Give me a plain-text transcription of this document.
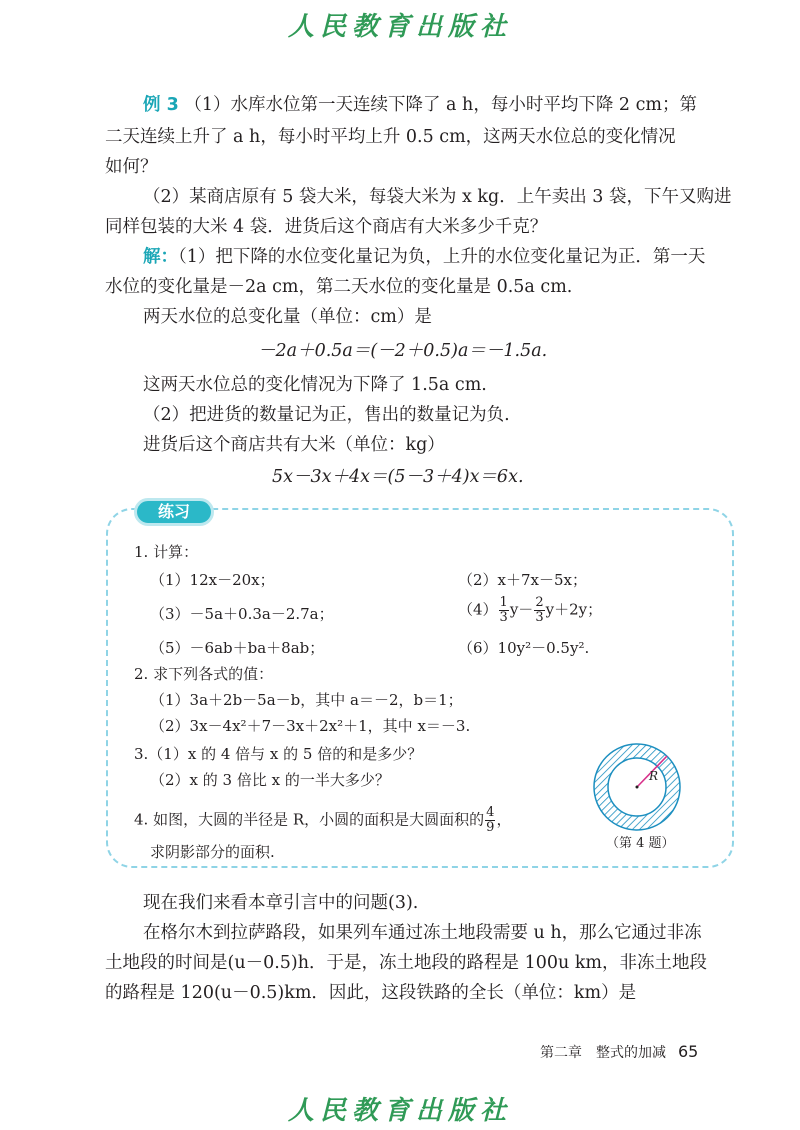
人民教育出版社
例 3 （1）水库水位第一天连续下降了 a h，每小时平均下降 2 cm；第
二天连续上升了 a h，每小时平均上升 0.5 cm，这两天水位总的变化情况
如何？
（2）某商店原有 5 袋大米，每袋大米为 x kg．上午卖出 3 袋，下午又购进
同样包装的大米 4 袋．进货后这个商店有大米多少千克？
解：（1）把下降的水位变化量记为负，上升的水位变化量记为正．第一天
水位的变化量是－2a cm，第二天水位的变化量是 0.5a cm.
两天水位的总变化量（单位：cm）是
－2a＋0.5a＝(－2＋0.5)a＝－1.5a.
这两天水位总的变化情况为下降了 1.5a cm.
（2）把进货的数量记为正，售出的数量记为负.
进货后这个商店共有大米（单位：kg）
5x－3x＋4x＝(5－3＋4)x＝6x.
练习
1. 计算：
（1）12x－20x；	（2）x＋7x－5x；
（3）－5a＋0.3a－2.7a；	$(4) \frac{1}{3} y- \frac{2}{3} y+2y$；
（5）－6ab＋ba＋8ab；	（6）10y²－0.5y².
2. 求下列各式的值：
（1）3a＋2b－5a－b，其中 a＝－2，b＝1；
（2）3x－4x²＋7－3x＋2x²＋1，其中 x＝－3.
3.（1）x 的 4 倍与 x 的 5 倍的和是多少？
（2）x 的 3 倍比 x 的一半大多少？
4. 如图，大圆的半径是 R，小圆的面积是大圆面积的 $\frac{4}{9}$ ，
求阴影部分的面积.
R
（第 4 题）
现在我们来看本章引言中的问题(3).
在格尔木到拉萨路段，如果列车通过冻土地段需要 u h，那么它通过非冻
土地段的时间是(u－0.5)h．于是，冻土地段的路程是 100u km，非冻土地段
的路程是 120(u－0.5)km．因此，这段铁路的全长（单位：km）是
第二章　整式的加减 65
人民教育出版社
